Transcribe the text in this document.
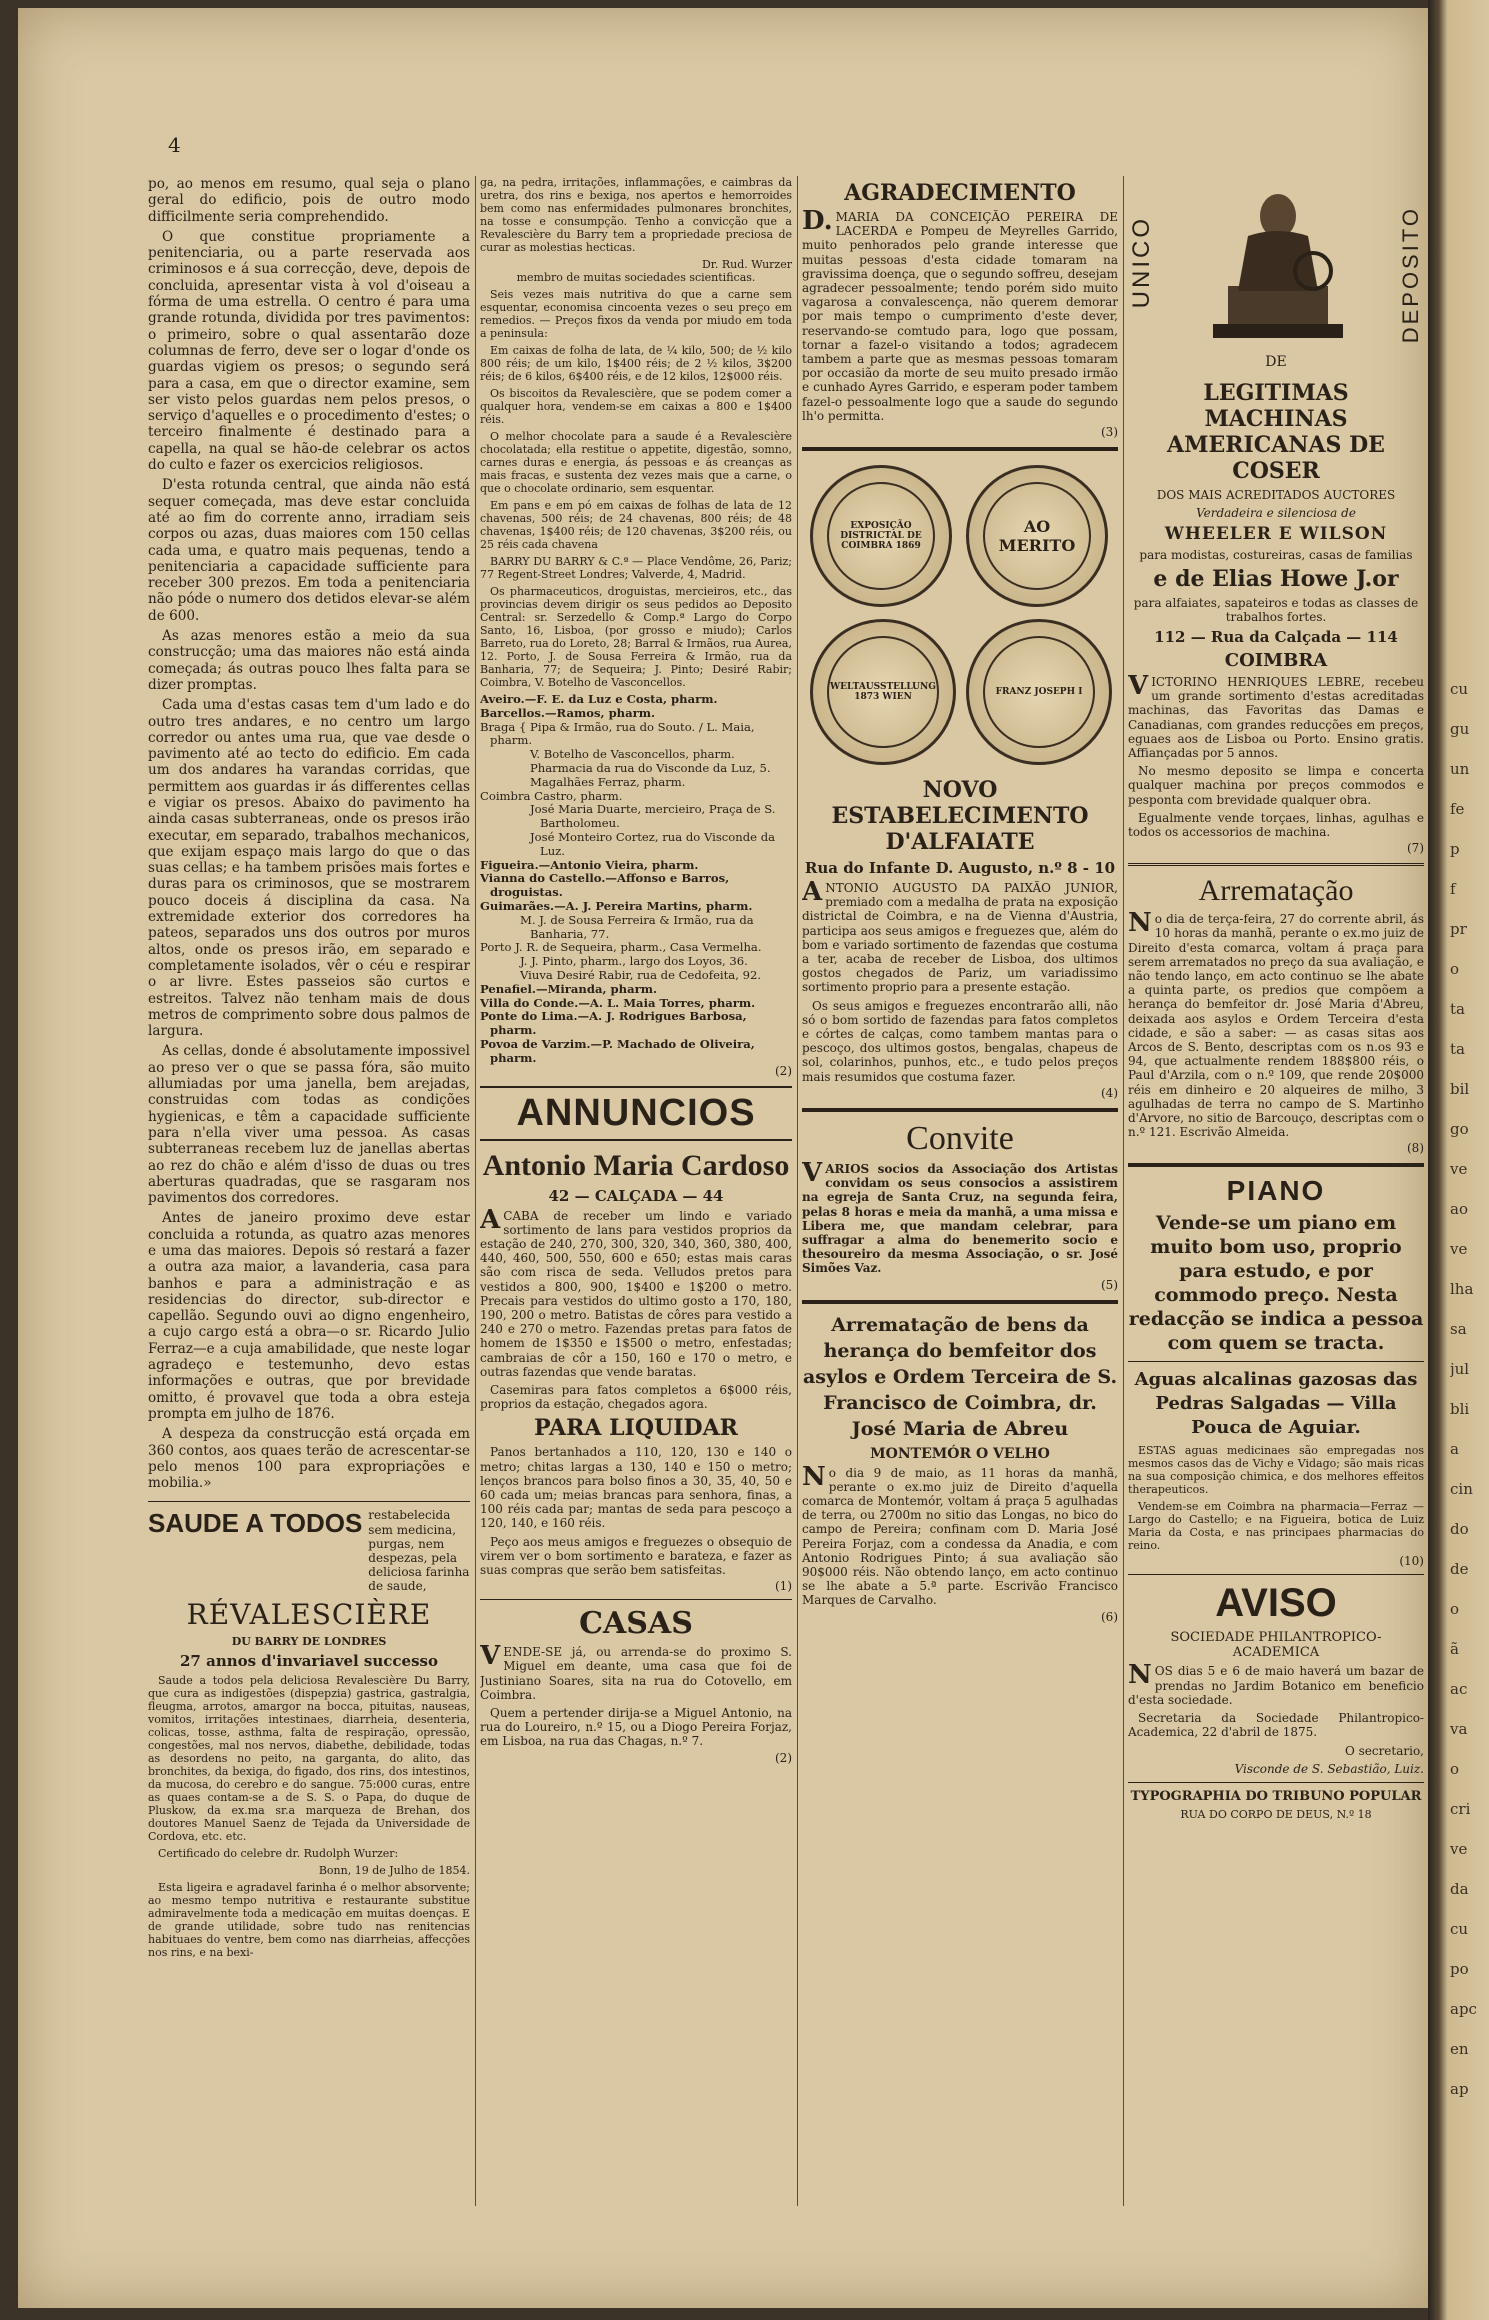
4

po, ao menos em resumo, qual seja o plano geral do edificio, pois de outro modo difficilmente seria comprehendido.

O que constitue propriamente a penitenciaria, ou a parte reservada aos criminosos e á sua correcção, deve, depois de concluida, apresentar vista à vol d'oiseau a fórma de uma estrella. O centro é para uma grande rotunda, dividida por tres pavimentos: o primeiro, sobre o qual assentarão doze columnas de ferro, deve ser o logar d'onde os guardas vigiem os presos; o segundo será para a casa, em que o director examine, sem ser visto pelos guardas nem pelos presos, o serviço d'aquelles e o procedimento d'estes; o terceiro finalmente é destinado para a capella, na qual se hão-de celebrar os actos do culto e fazer os exercicios religiosos.

D'esta rotunda central, que ainda não está sequer começada, mas deve estar concluida até ao fim do corrente anno, irradiam seis corpos ou azas, duas maiores com 150 cellas cada uma, e quatro mais pequenas, tendo a penitenciaria a capacidade sufficiente para receber 300 prezos. Em toda a penitenciaria não póde o numero dos detidos elevar-se além de 600.

As azas menores estão a meio da sua construcção; uma das maiores não está ainda começada; ás outras pouco lhes falta para se dizer promptas.

Cada uma d'estas casas tem d'um lado e do outro tres andares, e no centro um largo corredor ou antes uma rua, que vae desde o pavimento até ao tecto do edificio. Em cada um dos andares ha varandas corridas, que permittem aos guardas ir ás differentes cellas e vigiar os presos. Abaixo do pavimento ha ainda casas subterraneas, onde os presos irão executar, em separado, trabalhos mechanicos, que exijam espaço mais largo do que o das suas cellas; e ha tambem prisões mais fortes e duras para os criminosos, que se mostrarem pouco doceis á disciplina da casa. Na extremidade exterior dos corredores ha pateos, separados uns dos outros por muros altos, onde os presos irão, em separado e completamente isolados, vêr o céu e respirar o ar livre. Estes passeios são curtos e estreitos. Talvez não tenham mais de dous metros de comprimento sobre dous palmos de largura.

As cellas, donde é absolutamente impossivel ao preso ver o que se passa fóra, são muito allumiadas por uma janella, bem arejadas, construidas com todas as condições hygienicas, e têm a capacidade sufficiente para n'ella viver uma pessoa. As casas subterraneas recebem luz de janellas abertas ao rez do chão e além d'isso de duas ou tres aberturas quadradas, que se rasgaram nos pavimentos dos corredores.

Antes de janeiro proximo deve estar concluida a rotunda, as quatro azas menores e uma das maiores. Depois só restará a fazer a outra aza maior, a lavanderia, casa para banhos e para a administração e as residencias do director, sub-director e capellão. Segundo ouvi ao digno engenheiro, a cujo cargo está a obra—o sr. Ricardo Julio Ferraz—e a cuja amabilidade, que neste logar agradeço e testemunho, devo estas informações e outras, que por brevidade omitto, é provavel que toda a obra esteja prompta em julho de 1876.

A despeza da construcção está orçada em 360 contos, aos quaes terão de acrescentar-se pelo menos 100 para expropriações e mobilia.»

SAUDE A TODOS restabelecida sem medicina, purgas, nem despezas, pela deliciosa farinha de saude,
RÉVALESCIÈRE
DU BARRY DE LONDRES
27 annos d'invariavel successo

Saude a todos pela deliciosa Revalescière Du Barry, que cura as indigestões (dispepzia) gastrica, gastralgia, fleugma, arrotos, amargor na bocca, pituitas, nauseas, vomitos, irritações intestinaes, diarrheia, desenteria, colicas, tosse, asthma, falta de respiração, opressão, congestões, mal nos nervos, diabethe, debilidade, todas as desordens no peito, na garganta, do alito, das bronchites, da bexiga, do figado, dos rins, dos intestinos, da mucosa, do cerebro e do sangue. 75:000 curas, entre as quaes contam-se a de S. S. o Papa, do duque de Pluskow, da ex.ma sr.a marqueza de Brehan, dos doutores Manuel Saenz de Tejada da Universidade de Cordova, etc. etc.

Certificado do celebre dr. Rudolph Wurzer:

Bonn, 19 de Julho de 1854.

Esta ligeira e agradavel farinha é o melhor absorvente; ao mesmo tempo nutritiva e restaurante substitue admiravelmente toda a medicação em muitas doenças. E de grande utilidade, sobre tudo nas renitencias habituaes do ventre, bem como nas diarrheias, affecções nos rins, e na bexi-

ga, na pedra, irritações, inflammações, e caimbras da uretra, dos rins e bexiga, nos apertos e hemorroides bem como nas enfermidades pulmonares bronchites, na tosse e consumpção. Tenho a convicção que a Revalescière du Barry tem a propriedade preciosa de curar as molestias hecticas.

Dr. Rud. Wurzer

membro de muitas sociedades scientificas.

Seis vezes mais nutritiva do que a carne sem esquentar, economisa cincoenta vezes o seu preço em remedios. — Preços fixos da venda por miudo em toda a peninsula:

Em caixas de folha de lata, de ¼ kilo, 500; de ½ kilo 800 réis; de um kilo, 1$400 réis; de 2 ½ kilos, 3$200 réis; de 6 kilos, 6$400 réis, e de 12 kilos, 12$000 réis.

Os biscoitos da Revalescière, que se podem comer a qualquer hora, vendem-se em caixas a 800 e 1$400 réis.

O melhor chocolate para a saude é a Revalescière chocolatada; ella restitue o appetite, digestão, somno, carnes duras e energia, ás pessoas e ás creanças as mais fracas, e sustenta dez vezes mais que a carne, o que o chocolate ordinario, sem esquentar.

Em pans e em pó em caixas de folhas de lata de 12 chavenas, 500 réis; de 24 chavenas, 800 réis; de 48 chavenas, 1$400 réis; de 120 chavenas, 3$200 réis, ou 25 réis cada chavena

BARRY DU BARRY & C.ª — Place Vendôme, 26, Pariz; 77 Regent-Street Londres; Valverde, 4, Madrid.

Os pharmaceuticos, droguistas, mercieiros, etc., das provincias devem dirigir os seus pedidos ao Deposito Central: sr. Serzedello & Comp.ª Largo do Corpo Santo, 16, Lisboa, (por grosso e miudo); Carlos Barreto, rua do Loreto, 28; Barral & Irmãos, rua Aurea, 12. Porto, J. de Sousa Ferreira & Irmão, rua da Banharia, 77; de Sequeira; J. Pinto; Desiré Rabir; Coimbra, V. Botelho de Vasconcellos.

Aveiro.—F. E. da Luz e Costa, pharm.
Barcellos.—Ramos, pharm.
Braga { Pipa & Irmão, rua do Souto. / L. Maia, pharm.
V. Botelho de Vasconcellos, pharm.
Pharmacia da rua do Visconde da Luz, 5.
Magalhães Ferraz, pharm.
Coimbra Castro, pharm.
José Maria Duarte, mercieiro, Praça de S. Bartholomeu.
José Monteiro Cortez, rua do Visconde da Luz.
Figueira.—Antonio Vieira, pharm.
Vianna do Castello.—Affonso e Barros, droguistas.
Guimarães.—A. J. Pereira Martins, pharm.
M. J. de Sousa Ferreira & Irmão, rua da Banharia, 77.
Porto J. R. de Sequeira, pharm., Casa Vermelha.
J. J. Pinto, pharm., largo dos Loyos, 36.
Viuva Desiré Rabir, rua de Cedofeita, 92.
Penafiel.—Miranda, pharm.
Villa do Conde.—A. L. Maia Torres, pharm.
Ponte do Lima.—A. J. Rodrigues Barbosa, pharm.
Povoa de Varzim.—P. Machado de Oliveira, pharm.
(2)
ANNUNCIOS
Antonio Maria Cardoso
42 — CALÇADA — 44

ACABA de receber um lindo e variado sortimento de lans para vestidos proprios da estação de 240, 270, 300, 320, 340, 360, 380, 400, 440, 460, 500, 550, 600 e 650; estas mais caras são com risca de seda. Velludos pretos para vestidos a 800, 900, 1$400 e 1$200 o metro. Precais para vestidos do ultimo gosto a 170, 180, 190, 200 o metro. Batistas de côres para vestido a 240 e 270 o metro. Fazendas pretas para fatos de homem de 1$350 e 1$500 o metro, enfestadas; cambraias de côr a 150, 160 e 170 o metro, e outras fazendas que vende baratas.

Casemiras para fatos completos a 6$000 réis, proprios da estação, chegados agora.

PARA LIQUIDAR

Panos bertanhados a 110, 120, 130 e 140 o metro; chitas largas a 130, 140 e 150 o metro; lenços brancos para bolso finos a 30, 35, 40, 50 e 60 cada um; meias brancas para senhora, finas, a 100 réis cada par; mantas de seda para pescoço a 120, 140, e 160 réis.

Peço aos meus amigos e freguezes o obsequio de virem ver o bom sortimento e barateza, e fazer as suas compras que serão bem satisfeitas.

(1)
CASAS

VENDE-SE já, ou arrenda-se do proximo S. Miguel em deante, uma casa que foi de Justiniano Soares, sita na rua do Cotovello, em Coimbra.

Quem a pertender dirija-se a Miguel Antonio, na rua do Loureiro, n.º 15, ou a Diogo Pereira Forjaz, em Lisboa, na rua das Chagas, n.º 7.

(2)
AGRADECIMENTO

D.MARIA DA CONCEIÇÃO PEREIRA DE LACERDA e Pompeu de Meyrelles Garrido, muito penhorados pelo grande interesse que muitas pessoas d'esta cidade tomaram na gravissima doença, que o segundo soffreu, desejam agradecer pessoalmente; tendo porém sido muito vagarosa a convalescença, não querem demorar por mais tempo o cumprimento d'este dever, reservando-se comtudo para, logo que possam, tornar a fazel-o visitando a todos; agradecem tambem a parte que as mesmas pessoas tomaram por occasião da morte de seu muito presado irmão e cunhado Ayres Garrido, e esperam poder tambem fazel-o pessoalmente logo que a saude do segundo lh'o permitta.

(3)
EXPOSIÇÃO DISTRICTAL DE COIMBRA 1869
AO MERITO
WELTAUSSTELLUNG 1873 WIEN	FRANZ JOSEPH I
NOVO ESTABELECIMENTO D'ALFAIATE
Rua do Infante D. Augusto, n.º 8 - 10

ANTONIO AUGUSTO DA PAIXÃO JUNIOR, premiado com a medalha de prata na exposição districtal de Coimbra, e na de Vienna d'Austria, participa aos seus amigos e freguezes que, além do bom e variado sortimento de fazendas que costuma a ter, acaba de receber de Lisboa, dos ultimos gostos chegados de Pariz, um variadissimo sortimento proprio para a presente estação.

Os seus amigos e freguezes encontrarão alli, não só o bom sortido de fazendas para fatos completos e córtes de calças, como tambem mantas para o pescoço, dos ultimos gostos, bengalas, chapeus de sol, colarinhos, punhos, etc., e tudo pelos preços mais resumidos que costuma fazer.

(4)
Convite

VARIOS socios da Associação dos Artistas convidam os seus consocios a assistirem na egreja de Santa Cruz, na segunda feira, pelas 8 horas e meia da manhã, a uma missa e Libera me, que mandam celebrar, para suffragar a alma do benemerito socio e thesoureiro da mesma Associação, o sr. José Simões Vaz.

(5)
Arrematação de bens da herança do bemfeitor dos asylos e Ordem Terceira de S. Francisco de Coimbra, dr. José Maria de Abreu
MONTEMÓR O VELHO

No dia 9 de maio, as 11 horas da manhã, perante o ex.mo juiz de Direito d'aquella comarca de Montemór, voltam á praça 5 agulhadas de terra, ou 2700m no sitio das Longas, no bico do campo de Pereira; confinam com D. Maria José Pereira Forjaz, com a condessa da Anadia, e com Antonio Rodrigues Pinto; á sua avaliação são 90$000 réis. Não obtendo lanço, em acto continuo se lhe abate a 5.ª parte. Escrivão Francisco Marques de Carvalho.

(6)
UNICO	DEPOSITO
DE
LEGITIMAS MACHINAS AMERICANAS DE COSER
DOS MAIS ACREDITADOS AUCTORES
Verdadeira e silenciosa de
WHEELER E WILSON
para modistas, costureiras, casas de familias
e de Elias Howe J.or
para alfaiates, sapateiros e todas as classes de trabalhos fortes.
112 — Rua da Calçada — 114
COIMBRA

VICTORINO HENRIQUES LEBRE, recebeu um grande sortimento d'estas acreditadas machinas, das Favoritas das Damas e Canadianas, com grandes reducções em preços, eguaes aos de Lisboa ou Porto. Ensino gratis. Affiançadas por 5 annos.

No mesmo deposito se limpa e concerta qualquer machina por preços commodos e pesponta com brevidade qualquer obra.

Egualmente vende torçaes, linhas, agulhas e todos os accessorios de machina.

(7)
Arrematação

No dia de terça-feira, 27 do corrente abril, ás 10 horas da manhã, perante o ex.mo juiz de Direito d'esta comarca, voltam á praça para serem arrematados no preço da sua avaliação, e não tendo lanço, em acto continuo se lhe abate a quinta parte, os predios que compõem a herança do bemfeitor dr. José Maria d'Abreu, deixada aos asylos e Ordem Terceira d'esta cidade, e são a saber: — as casas sitas aos Arcos de S. Bento, descriptas com os n.os 93 e 94, que actualmente rendem 188$800 réis, o Paul d'Arzila, com o n.º 109, que rende 20$000 réis em dinheiro e 20 alqueires de milho, 3 agulhadas de terra no campo de S. Martinho d'Arvore, no sitio de Barcouço, descriptas com o n.º 121. Escrivão Almeida.

(8)
PIANO

Vende-se um piano em muito bom uso, proprio para estudo, e por commodo preço. Nesta redacção se indica a pessoa com quem se tracta.

Aguas alcalinas gazosas das Pedras Salgadas — Villa Pouca de Aguiar.

ESTAS aguas medicinaes são empregadas nos mesmos casos das de Vichy e Vidago; são mais ricas na sua composição chimica, e dos melhores effeitos therapeuticos.

Vendem-se em Coimbra na pharmacia—Ferraz — Largo do Castello; e na Figueira, botica de Luiz Maria da Costa, e nas principaes pharmacias do reino.

(10)
AVISO
SOCIEDADE PHILANTROPICO-ACADEMICA

NOS dias 5 e 6 de maio haverá um bazar de prendas no Jardim Botanico em beneficio d'esta sociedade.

Secretaria da Sociedade Philantropico-Academica, 22 d'abril de 1875.

O secretario,

Visconde de S. Sebastião, Luiz.

TYPOGRAPHIA DO TRIBUNO POPULAR
RUA DO CORPO DE DEUS, N.º 18
cu
gu
un
fe
p
f
pr
o
ta
ta
bil
go
ve
ao
ve
lha
sa
jul
bli
a
cin
do
de
o
ã
ac
va
o
cri
ve
da
cu
po
apc
en
ap
